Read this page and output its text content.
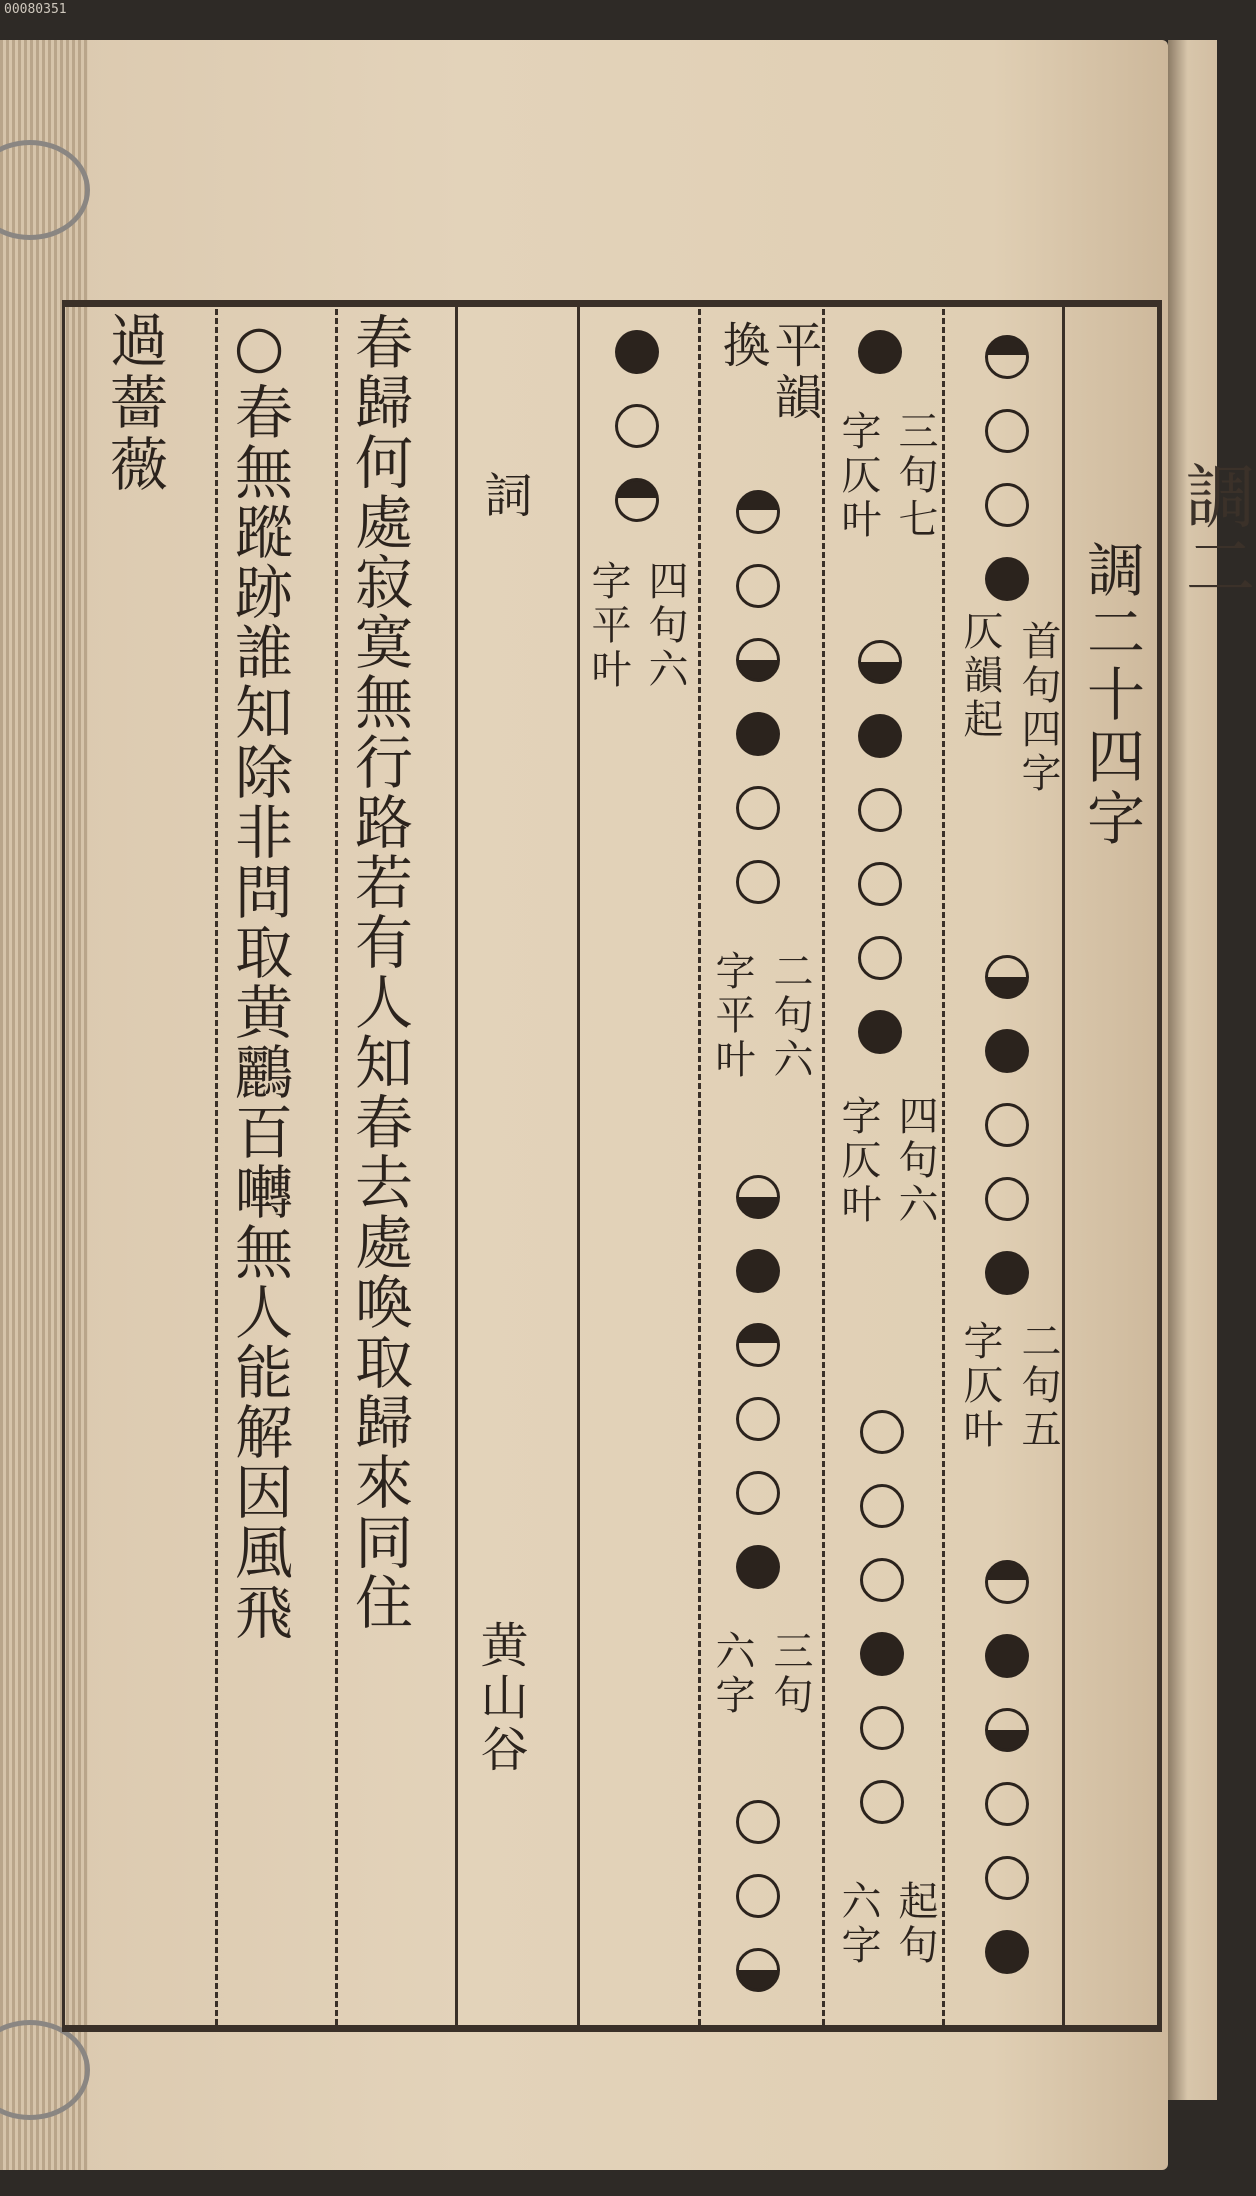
00080351
調二
過薔薇
調二十四字
首句四字
仄韻起
二句五
字仄叶
三句七
字仄叶
四句六
字仄叶
起句
六字
平韻
換
二句六
字平叶
三句
六字
四句六
字平叶
詞
黄山谷
春歸何處寂寞無行路若有人知春去處喚取歸來同住
○春無蹤跡誰知除非問取黄鸝百囀無人能解因風飛
